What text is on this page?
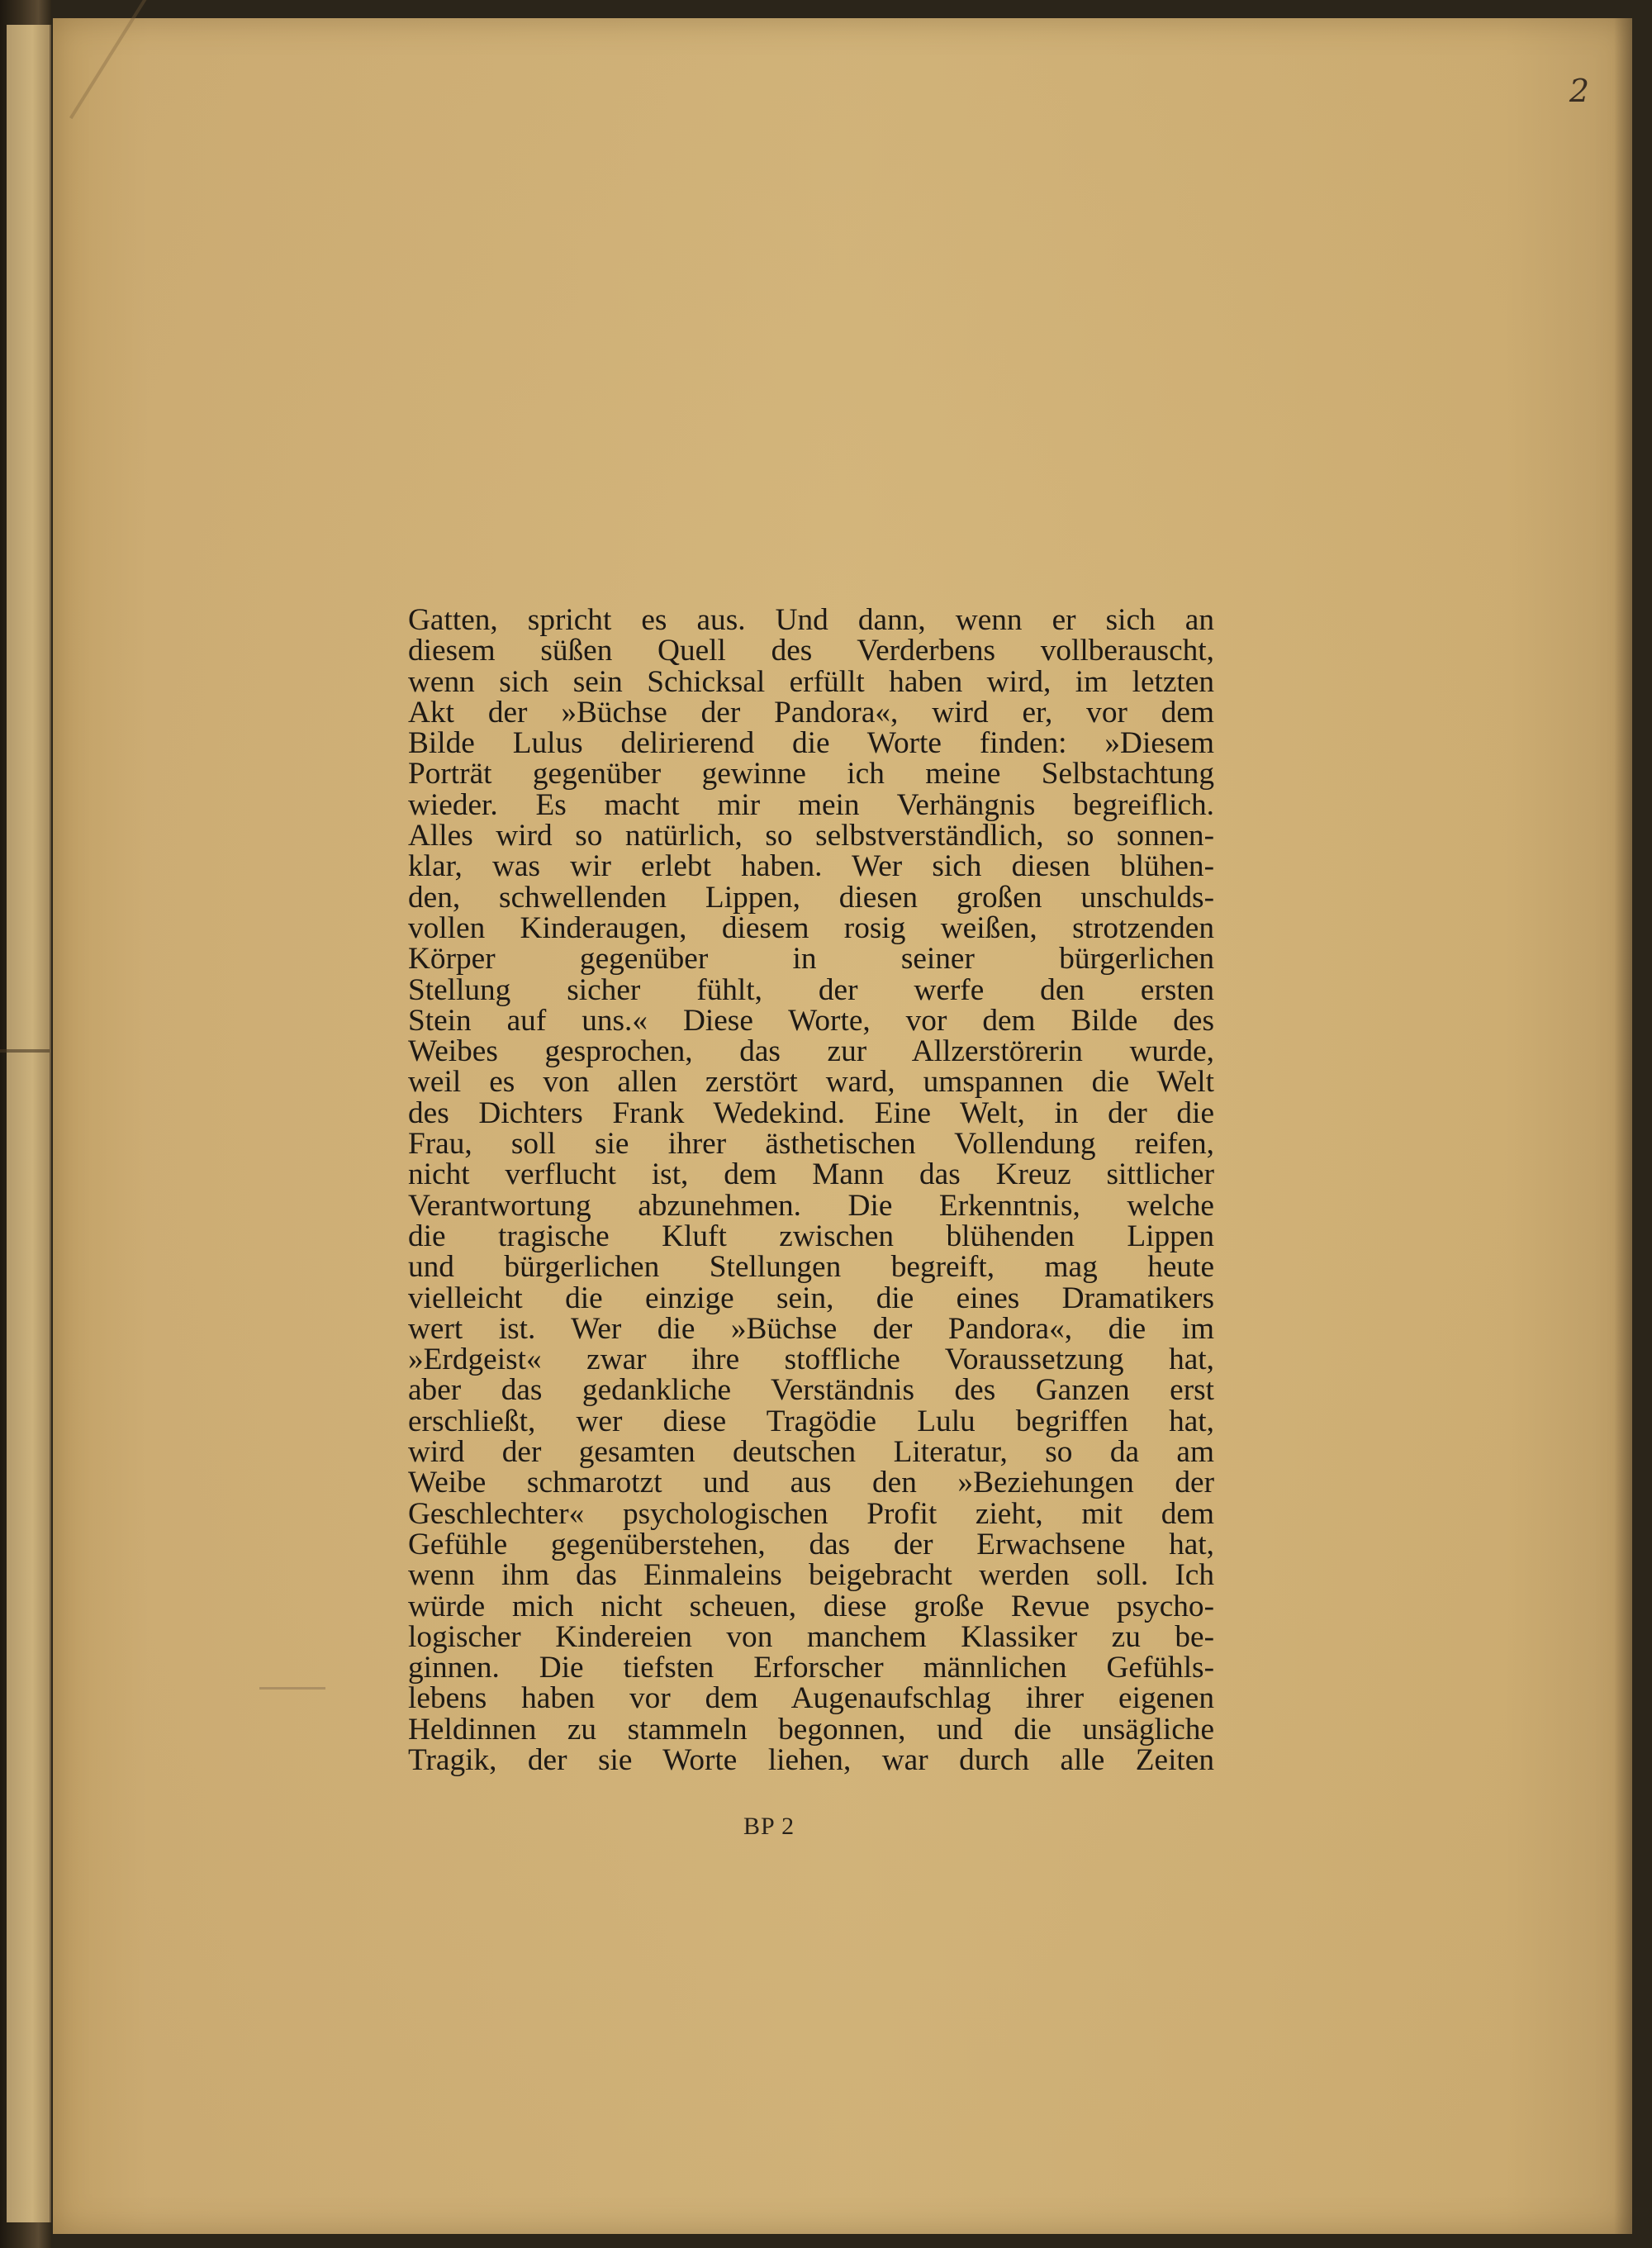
2
Gatten, spricht es aus. Und dann, wenn er sich an
diesem süßen Quell des Verderbens vollberauscht,
wenn sich sein Schicksal erfüllt haben wird, im letzten
Akt der »Büchse der Pandora«, wird er, vor dem
Bilde Lulus delirierend die Worte finden: »Diesem
Porträt gegenüber gewinne ich meine Selbstachtung
wieder. Es macht mir mein Verhängnis begreiflich.
Alles wird so natürlich, so selbstverständlich, so sonnen-
klar, was wir erlebt haben. Wer sich diesen blühen-
den, schwellenden Lippen, diesen großen unschulds-
vollen Kinderaugen, diesem rosig weißen, strotzenden
Körper gegenüber in seiner bürgerlichen
Stellung sicher fühlt, der werfe den ersten
Stein auf uns.« Diese Worte, vor dem Bilde des
Weibes gesprochen, das zur Allzerstörerin wurde,
weil es von allen zerstört ward, umspannen die Welt
des Dichters Frank Wedekind. Eine Welt, in der die
Frau, soll sie ihrer ästhetischen Vollendung reifen,
nicht verflucht ist, dem Mann das Kreuz sittlicher
Verantwortung abzunehmen. Die Erkenntnis, welche
die tragische Kluft zwischen blühenden Lippen
und bürgerlichen Stellungen begreift, mag heute
vielleicht die einzige sein, die eines Dramatikers
wert ist. Wer die »Büchse der Pandora«, die im
»Erdgeist« zwar ihre stoffliche Voraussetzung hat,
aber das gedankliche Verständnis des Ganzen erst
erschließt, wer diese Tragödie Lulu begriffen hat,
wird der gesamten deutschen Literatur, so da am
Weibe schmarotzt und aus den »Beziehungen der
Geschlechter« psychologischen Profit zieht, mit dem
Gefühle gegenüberstehen, das der Erwachsene hat,
wenn ihm das Einmaleins beigebracht werden soll. Ich
würde mich nicht scheuen, diese große Revue psycho-
logischer Kindereien von manchem Klassiker zu be-
ginnen. Die tiefsten Erforscher männlichen Gefühls-
lebens haben vor dem Augenaufschlag ihrer eigenen
Heldinnen zu stammeln begonnen, und die unsägliche
Tragik, der sie Worte liehen, war durch alle Zeiten
BP 2
